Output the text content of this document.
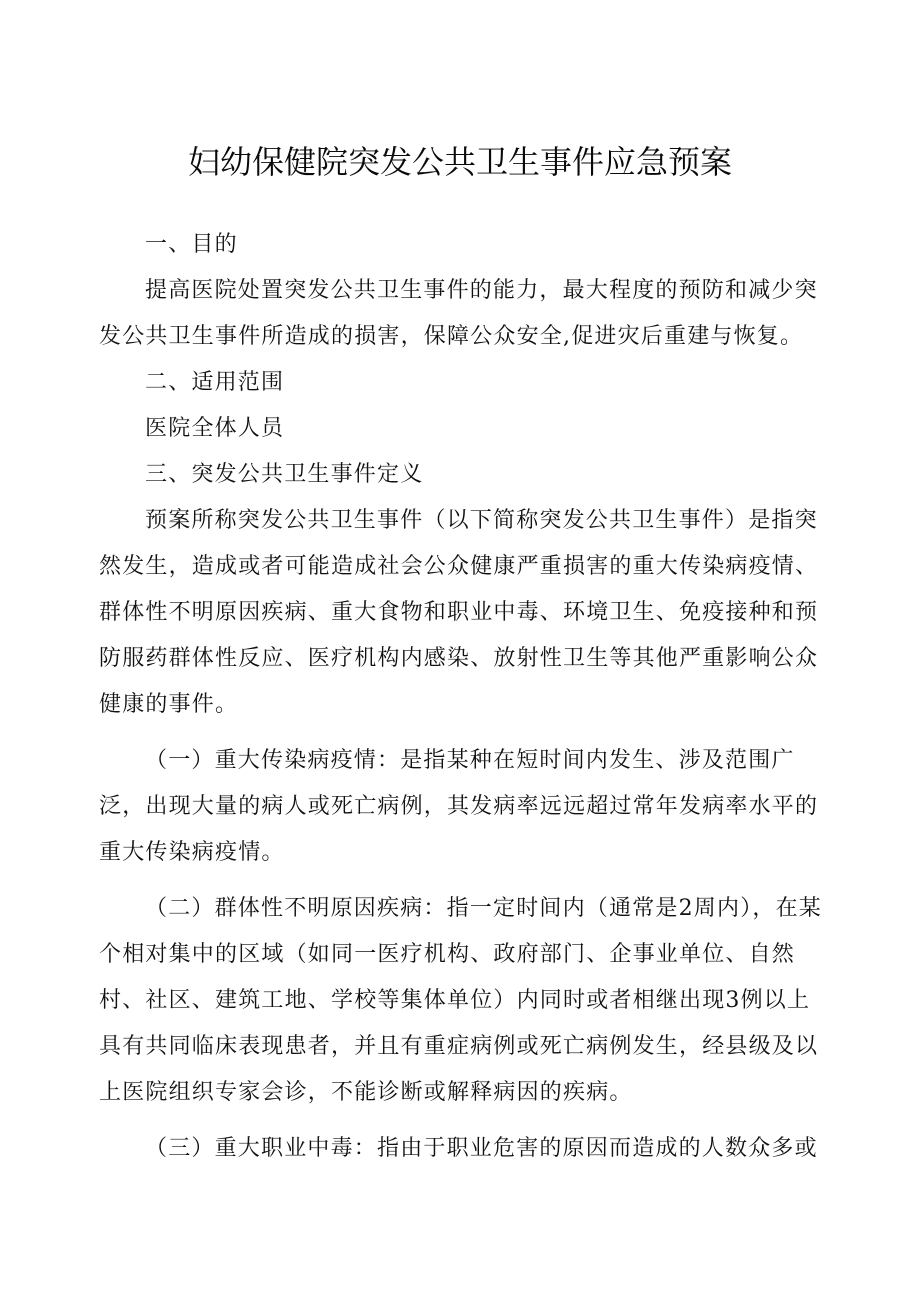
妇幼保健院突发公共卫生事件应急预案

一、目的

提高医院处置突发公共卫生事件的能力，最大程度的预防和减少突发公共卫生事件所造成的损害，保障公众安全,促进灾后重建与恢复。

二、适用范围

医院全体人员

三、突发公共卫生事件定义

预案所称突发公共卫生事件（以下简称突发公共卫生事件）是指突然发生，造成或者可能造成社会公众健康严重损害的重大传染病疫情、群体性不明原因疾病、重大食物和职业中毒、环境卫生、免疫接种和预防服药群体性反应、医疗机构内感染、放射性卫生等其他严重影响公众健康的事件。

（一）重大传染病疫情：是指某种在短时间内发生、涉及范围广泛，出现大量的病人或死亡病例，其发病率远远超过常年发病率水平的重大传染病疫情。

（二）群体性不明原因疾病：指一定时间内（通常是2周内），在某个相对集中的区域（如同一医疗机构、政府部门、企事业单位、自然村、社区、建筑工地、学校等集体单位）内同时或者相继出现3例以上具有共同临床表现患者，并且有重症病例或死亡病例发生，经县级及以上医院组织专家会诊，不能诊断或解释病因的疾病。

（三）重大职业中毒：指由于职业危害的原因而造成的人数众多或
